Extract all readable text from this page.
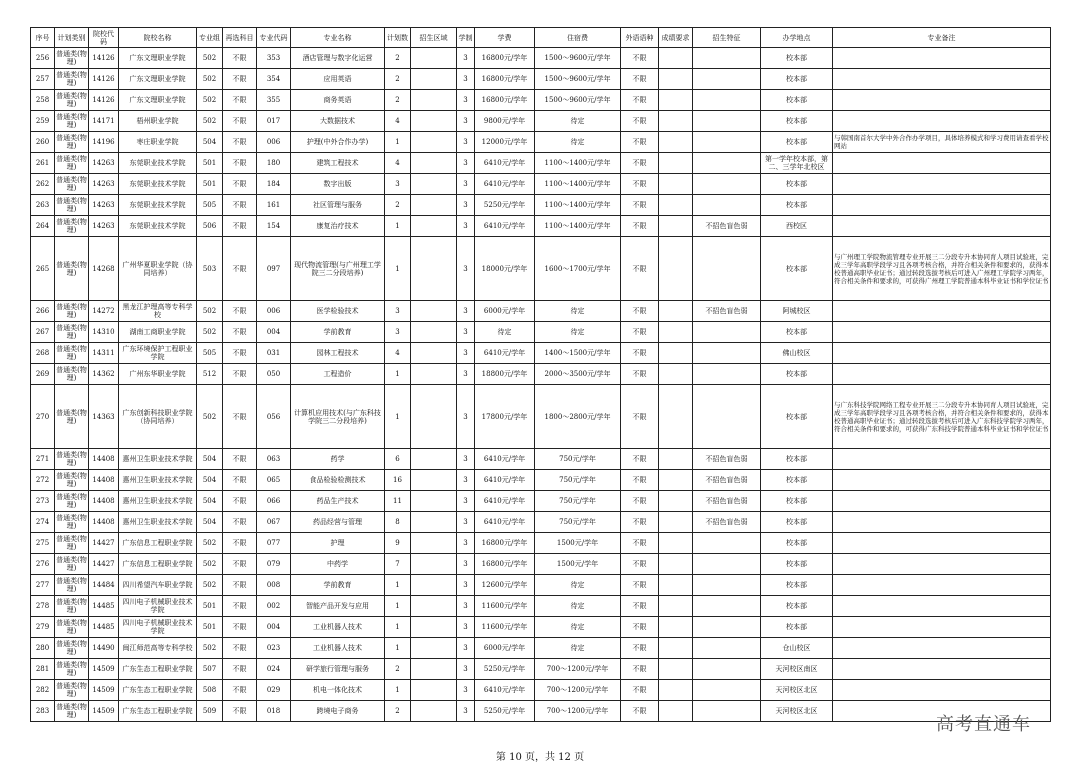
序号	计划类别	院校代码	院校名称	专业组	再选科目	专业代码	专业名称	计划数	招生区域	学制	学费	住宿费	外语语种	成绩要求	招生特征	办学地点	专业备注
256	普通类(物理)	14126	广东文理职业学院	502	不限	353	酒店管理与数字化运营	2		3	16800元/学年	1500～9600元/学年	不限			校本部	
257	普通类(物理)	14126	广东文理职业学院	502	不限	354	应用英语	2		3	16800元/学年	1500～9600元/学年	不限			校本部	
258	普通类(物理)	14126	广东文理职业学院	502	不限	355	商务英语	2		3	16800元/学年	1500～9600元/学年	不限			校本部	
259	普通类(物理)	14171	梧州职业学院	502	不限	017	大数据技术	4		3	9800元/学年	待定	不限			校本部	
260	普通类(物理)	14196	枣庄职业学院	504	不限	006	护理(中外合作办学)	1		3	12000元/学年	待定	不限			校本部	与韩国南首尔大学中外合作办学项目，具体培养模式和学习费用请查看学校网站
261	普通类(物理)	14263	东莞职业技术学院	501	不限	180	建筑工程技术	4		3	6410元/学年	1100～1400元/学年	不限			第一学年校本部，第二、三学年北校区	
262	普通类(物理)	14263	东莞职业技术学院	501	不限	184	数字出版	3		3	6410元/学年	1100～1400元/学年	不限			校本部	
263	普通类(物理)	14263	东莞职业技术学院	505	不限	161	社区管理与服务	2		3	5250元/学年	1100～1400元/学年	不限			校本部	
264	普通类(物理)	14263	东莞职业技术学院	506	不限	154	康复治疗技术	1		3	6410元/学年	1100～1400元/学年	不限		不招色盲色弱	西校区	
265	普通类(物理)	14268	广州华夏职业学院（协同培养）	503	不限	097	现代物流管理(与广州理工学院三二分段培养)	1		3	18000元/学年	1600～1700元/学年	不限			校本部	与广州理工学院物流管理专业开展三二分段专升本协同育人项目试验班，完成三学年高职学段学习且各项考核合格，并符合相关条件和要求的，获得本校普通高职毕业证书；通过转段选拔考核后可进入广州理工学院学习两年，符合相关条件和要求的，可获得广州理工学院普通本科毕业证书和学位证书
266	普通类(物理)	14272	黑龙江护理高等专科学校	502	不限	006	医学检验技术	3		3	6000元/学年	待定	不限		不招色盲色弱	阿城校区	
267	普通类(物理)	14310	湖南工商职业学院	502	不限	004	学前教育	3		3	待定	待定	不限			校本部	
268	普通类(物理)	14311	广东环境保护工程职业学院	505	不限	031	园林工程技术	4		3	6410元/学年	1400～1500元/学年	不限			佛山校区	
269	普通类(物理)	14362	广州东华职业学院	512	不限	050	工程造价	1		3	18800元/学年	2000～3500元/学年	不限			校本部	
270	普通类(物理)	14363	广东创新科技职业学院（协同培养）	502	不限	056	计算机应用技术(与广东科技学院三二分段培养)	1		3	17800元/学年	1800～2800元/学年	不限			校本部	与广东科技学院网络工程专业开展三二分段专升本协同育人项目试验班，完成三学年高职学段学习且各项考核合格，并符合相关条件和要求的，获得本校普通高职毕业证书；通过转段选拔考核后可进入广东科技学院学习两年，符合相关条件和要求的，可获得广东科技学院普通本科毕业证书和学位证书
271	普通类(物理)	14408	惠州卫生职业技术学院	504	不限	063	药学	6		3	6410元/学年	750元/学年	不限		不招色盲色弱	校本部	
272	普通类(物理)	14408	惠州卫生职业技术学院	504	不限	065	食品检验检测技术	16		3	6410元/学年	750元/学年	不限		不招色盲色弱	校本部	
273	普通类(物理)	14408	惠州卫生职业技术学院	504	不限	066	药品生产技术	11		3	6410元/学年	750元/学年	不限		不招色盲色弱	校本部	
274	普通类(物理)	14408	惠州卫生职业技术学院	504	不限	067	药品经营与管理	8		3	6410元/学年	750元/学年	不限		不招色盲色弱	校本部	
275	普通类(物理)	14427	广东信息工程职业学院	502	不限	077	护理	9		3	16800元/学年	1500元/学年	不限			校本部	
276	普通类(物理)	14427	广东信息工程职业学院	502	不限	079	中药学	7		3	16800元/学年	1500元/学年	不限			校本部	
277	普通类(物理)	14484	四川希望汽车职业学院	502	不限	008	学前教育	1		3	12600元/学年	待定	不限			校本部	
278	普通类(物理)	14485	四川电子机械职业技术学院	501	不限	002	智能产品开发与应用	1		3	11600元/学年	待定	不限			校本部	
279	普通类(物理)	14485	四川电子机械职业技术学院	501	不限	004	工业机器人技术	1		3	11600元/学年	待定	不限			校本部	
280	普通类(物理)	14490	闽江师范高等专科学校	502	不限	023	工业机器人技术	1		3	6000元/学年	待定	不限			仓山校区	
281	普通类(物理)	14509	广东生态工程职业学院	507	不限	024	研学旅行管理与服务	2		3	5250元/学年	700～1200元/学年	不限			天河校区南区	
282	普通类(物理)	14509	广东生态工程职业学院	508	不限	029	机电一体化技术	1		3	6410元/学年	700～1200元/学年	不限			天河校区北区	
283	普通类(物理)	14509	广东生态工程职业学院	509	不限	018	跨境电子商务	2		3	5250元/学年	700～1200元/学年	不限			天河校区北区	
高考直通车
第 10 页，共 12 页
